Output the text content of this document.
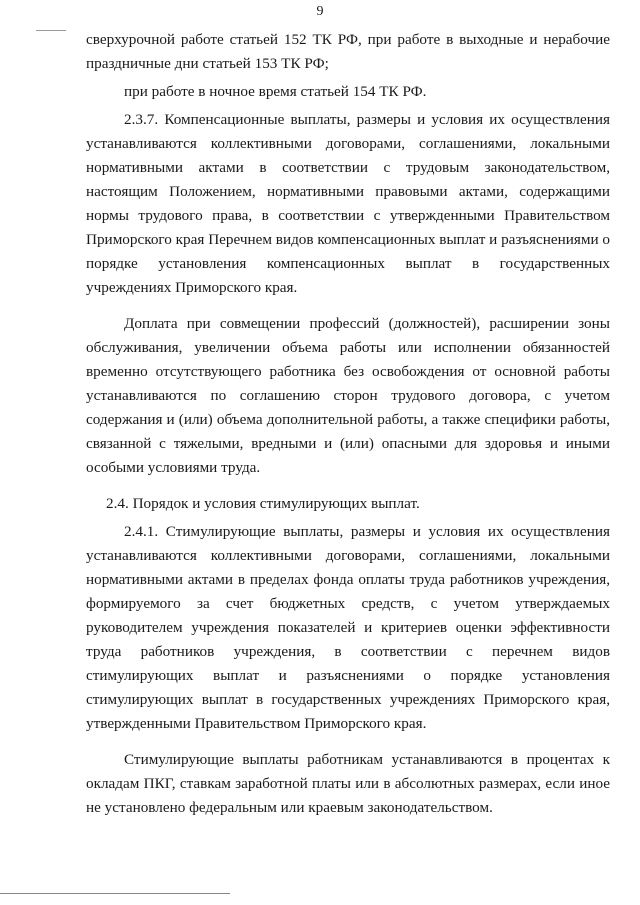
9

сверхурочной работе статьей 152 ТК РФ, при работе в выходные и нерабочие праздничные дни статьей 153 ТК РФ;

при работе в ночное время статьей 154 ТК РФ.

2.3.7. Компенсационные выплаты, размеры и условия их осуществления устанавливаются коллективными договорами, соглашениями, локальными нормативными актами в соответствии с трудовым законодательством, настоящим Положением, нормативными правовыми актами, содержащими нормы трудового права, в соответствии с утвержденными Правительством Приморского края Перечнем видов компенсационных выплат и разъяснениями о порядке установления компенсационных выплат в государственных учреждениях Приморского края.

Доплата при совмещении профессий (должностей), расширении зоны обслуживания, увеличении объема работы или исполнении обязанностей временно отсутствующего работника без освобождения от основной работы устанавливаются по соглашению сторон трудового договора, с учетом содержания и (или) объема дополнительной работы, а также специфики работы, связанной с тяжелыми, вредными и (или) опасными для здоровья и иными особыми условиями труда.

2.4. Порядок и условия стимулирующих выплат.

2.4.1. Стимулирующие выплаты, размеры и условия их осуществления устанавливаются коллективными договорами, соглашениями, локальными нормативными актами в пределах фонда оплаты труда работников учреждения, формируемого за счет бюджетных средств, с учетом утверждаемых руководителем учреждения показателей и критериев оценки эффективности труда работников учреждения, в соответствии с перечнем видов стимулирующих выплат и разъяснениями о порядке установления стимулирующих выплат в государственных учреждениях Приморского края, утвержденными Правительством Приморского края.

Стимулирующие выплаты работникам устанавливаются в процентах к окладам ПКГ, ставкам заработной платы или в абсолютных размерах, если иное не установлено федеральным или краевым законодательством.
